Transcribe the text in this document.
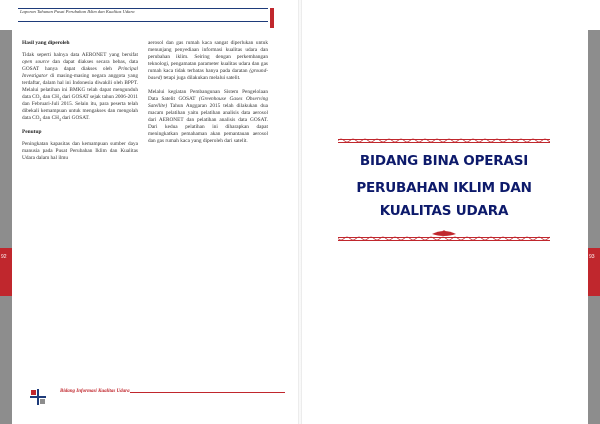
Laporan Tahunan Pusat Perubahan Iklim dan Kualitas Udara
92
Hasil yang diperoleh

Tidak seperti halnya data AERONET yang bersifat open source dan dapat diakses secara bebas, data GOSAT hanya dapat diakses oleh Principal Investigator di masing-masing negara anggota yang terdaftar, dalam hal ini Indonesia diwakili oleh BPPT. Melalui pelatihan ini BMKG telah dapat mengunduh data $CO_2$ dan $CH_4$ dari GOSAT sejak tahun 2006-2011 dan Februari-Juli 2015. Selain itu, para peserta telah dibekali kemampuan untuk mengakses dan mengolah data $CO_2$ dan $CH_4$ dari GOSAT.

Penutup

Peningkatan kapasitas dan kemampuan sumber daya manusia pada Pusat Perubahan Iklim dan Kualitas Udara dalam hal ilmu

aerosol dan gas rumah kaca sangat diperlukan untuk menunjang penyediaan informasi kualitas udara dan perubahan iklim. Seiring dengan perkembangan teknologi, pengamatan parameter kualitas udara dan gas rumah kaca tidak terbatas hanya pada daratan (ground-based) tetapi juga dilakukan melalui satelit.

Melalui kegiatan Pembangunan Sistem Pengelolaan Data Satelit GOSAT (Greenhouse Gases Observing Satellite) Tahun Anggaran 2015 telah dilakukan dua macam pelatihan yaitu pelatihan analisis data aerosol dari AERONET dan pelatihan analisis data GOSAT. Dari kedua pelatihan ini diharapkan dapat meningkatkan pemahaman akan pemantauan aerosol dan gas rumah kaca yang diperoleh dari satelit.

Bidang Informasi Kualitas Udara
93
BIDANG BINA OPERASI
PERUBAHAN IKLIM DAN
KUALITAS UDARA
